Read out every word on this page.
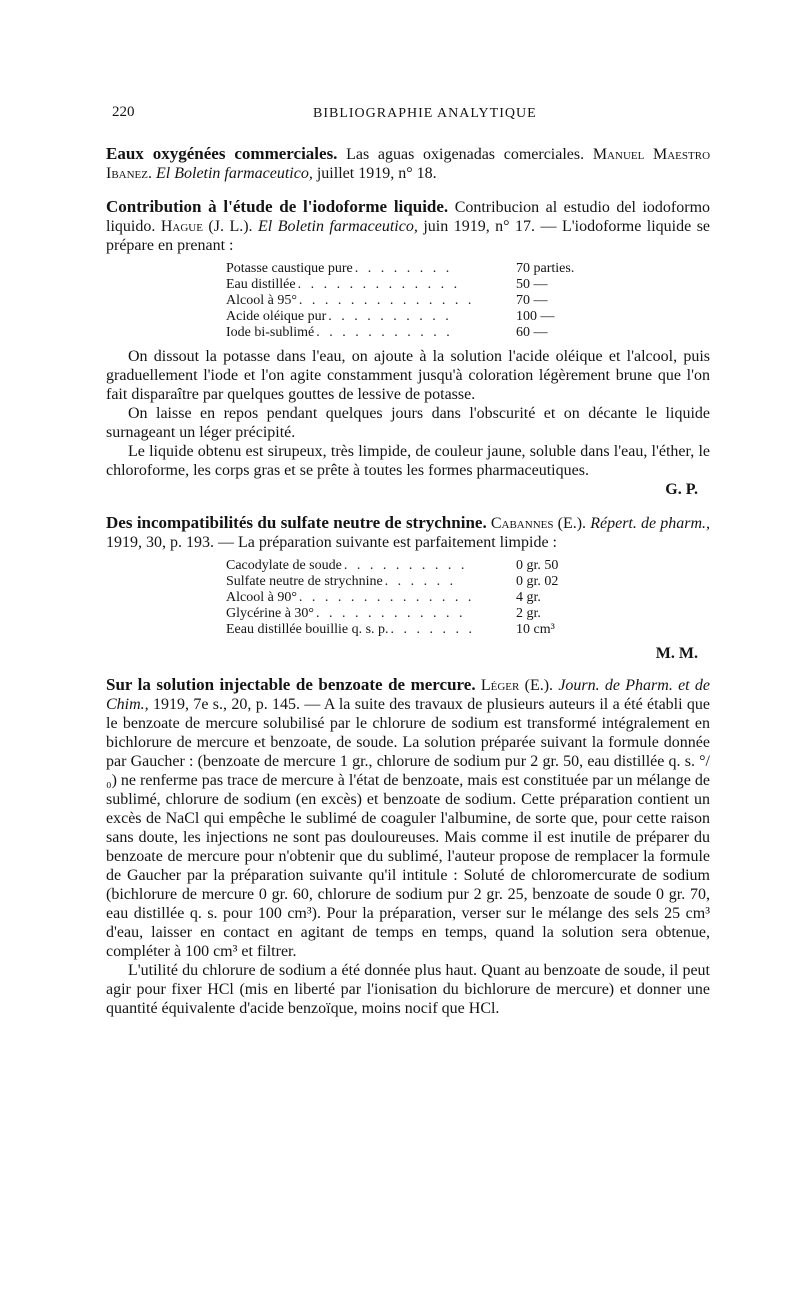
220	BIBLIOGRAPHIE ANALYTIQUE

Eaux oxygénées commerciales. Las aguas oxigenadas comerciales. Manuel Maestro Ibanez. El Boletin farmaceutico, juillet 1919, n° 18.

Contribution à l'étude de l'iodoforme liquide. Contribucion al estudio del iodoformo liquido. Hague (J. L.). El Boletin farmaceutico, juin 1919, n° 17. — L'iodoforme liquide se prépare en prenant :

Potasse caustique pure . . . . . . . .	70 parties.
Eau distillée . . . . . . . . . . . . .	50 —
Alcool à 95° . . . . . . . . . . . . . .	70 —
Acide oléique pur . . . . . . . . . .	100 —
Iode bi-sublimé . . . . . . . . . . .	60 —

On dissout la potasse dans l'eau, on ajoute à la solution l'acide oléique et l'alcool, puis graduellement l'iode et l'on agite constamment jusqu'à coloration légèrement brune que l'on fait disparaître par quelques gouttes de lessive de potasse.

On laisse en repos pendant quelques jours dans l'obscurité et on décante le liquide surnageant un léger précipité.

Le liquide obtenu est sirupeux, très limpide, de couleur jaune, soluble dans l'eau, l'éther, le chloroforme, les corps gras et se prête à toutes les formes pharmaceutiques.

G. P.

Des incompatibilités du sulfate neutre de strychnine. Cabannes (E.). Répert. de pharm., 1919, 30, p. 193. — La préparation suivante est parfaitement limpide :

Cacodylate de soude . . . . . . . . . .	0 gr. 50
Sulfate neutre de strychnine . . . . . .	0 gr. 02
Alcool à 90° . . . . . . . . . . . . . .	4 gr.
Glycérine à 30° . . . . . . . . . . . .	2 gr.
Eeau distillée bouillie q. s. p. . . . . . . .	10 cm³
M. M.

Sur la solution injectable de benzoate de mercure. Léger (E.). Journ. de Pharm. et de Chim., 1919, 7e s., 20, p. 145. — A la suite des travaux de plusieurs auteurs il a été établi que le benzoate de mercure solubilisé par le chlorure de sodium est transformé intégralement en bichlorure de mercure et benzoate, de soude. La solution préparée suivant la formule donnée par Gaucher : (benzoate de mercure 1 gr., chlorure de sodium pur 2 gr. 50, eau distillée q. s. °/₀) ne renferme pas trace de mercure à l'état de benzoate, mais est constituée par un mélange de sublimé, chlorure de sodium (en excès) et benzoate de sodium. Cette préparation contient un excès de NaCl qui empêche le sublimé de coaguler l'albumine, de sorte que, pour cette raison sans doute, les injections ne sont pas douloureuses. Mais comme il est inutile de préparer du benzoate de mercure pour n'obtenir que du sublimé, l'auteur propose de remplacer la formule de Gaucher par la préparation suivante qu'il intitule : Soluté de chloromercurate de sodium (bichlorure de mercure 0 gr. 60, chlorure de sodium pur 2 gr. 25, benzoate de soude 0 gr. 70, eau distillée q. s. pour 100 cm³). Pour la préparation, verser sur le mélange des sels 25 cm³ d'eau, laisser en contact en agitant de temps en temps, quand la solution sera obtenue, compléter à 100 cm³ et filtrer.

L'utilité du chlorure de sodium a été donnée plus haut. Quant au benzoate de soude, il peut agir pour fixer HCl (mis en liberté par l'ionisation du bichlorure de mercure) et donner une quantité équivalente d'acide benzoïque, moins nocif que HCl.
